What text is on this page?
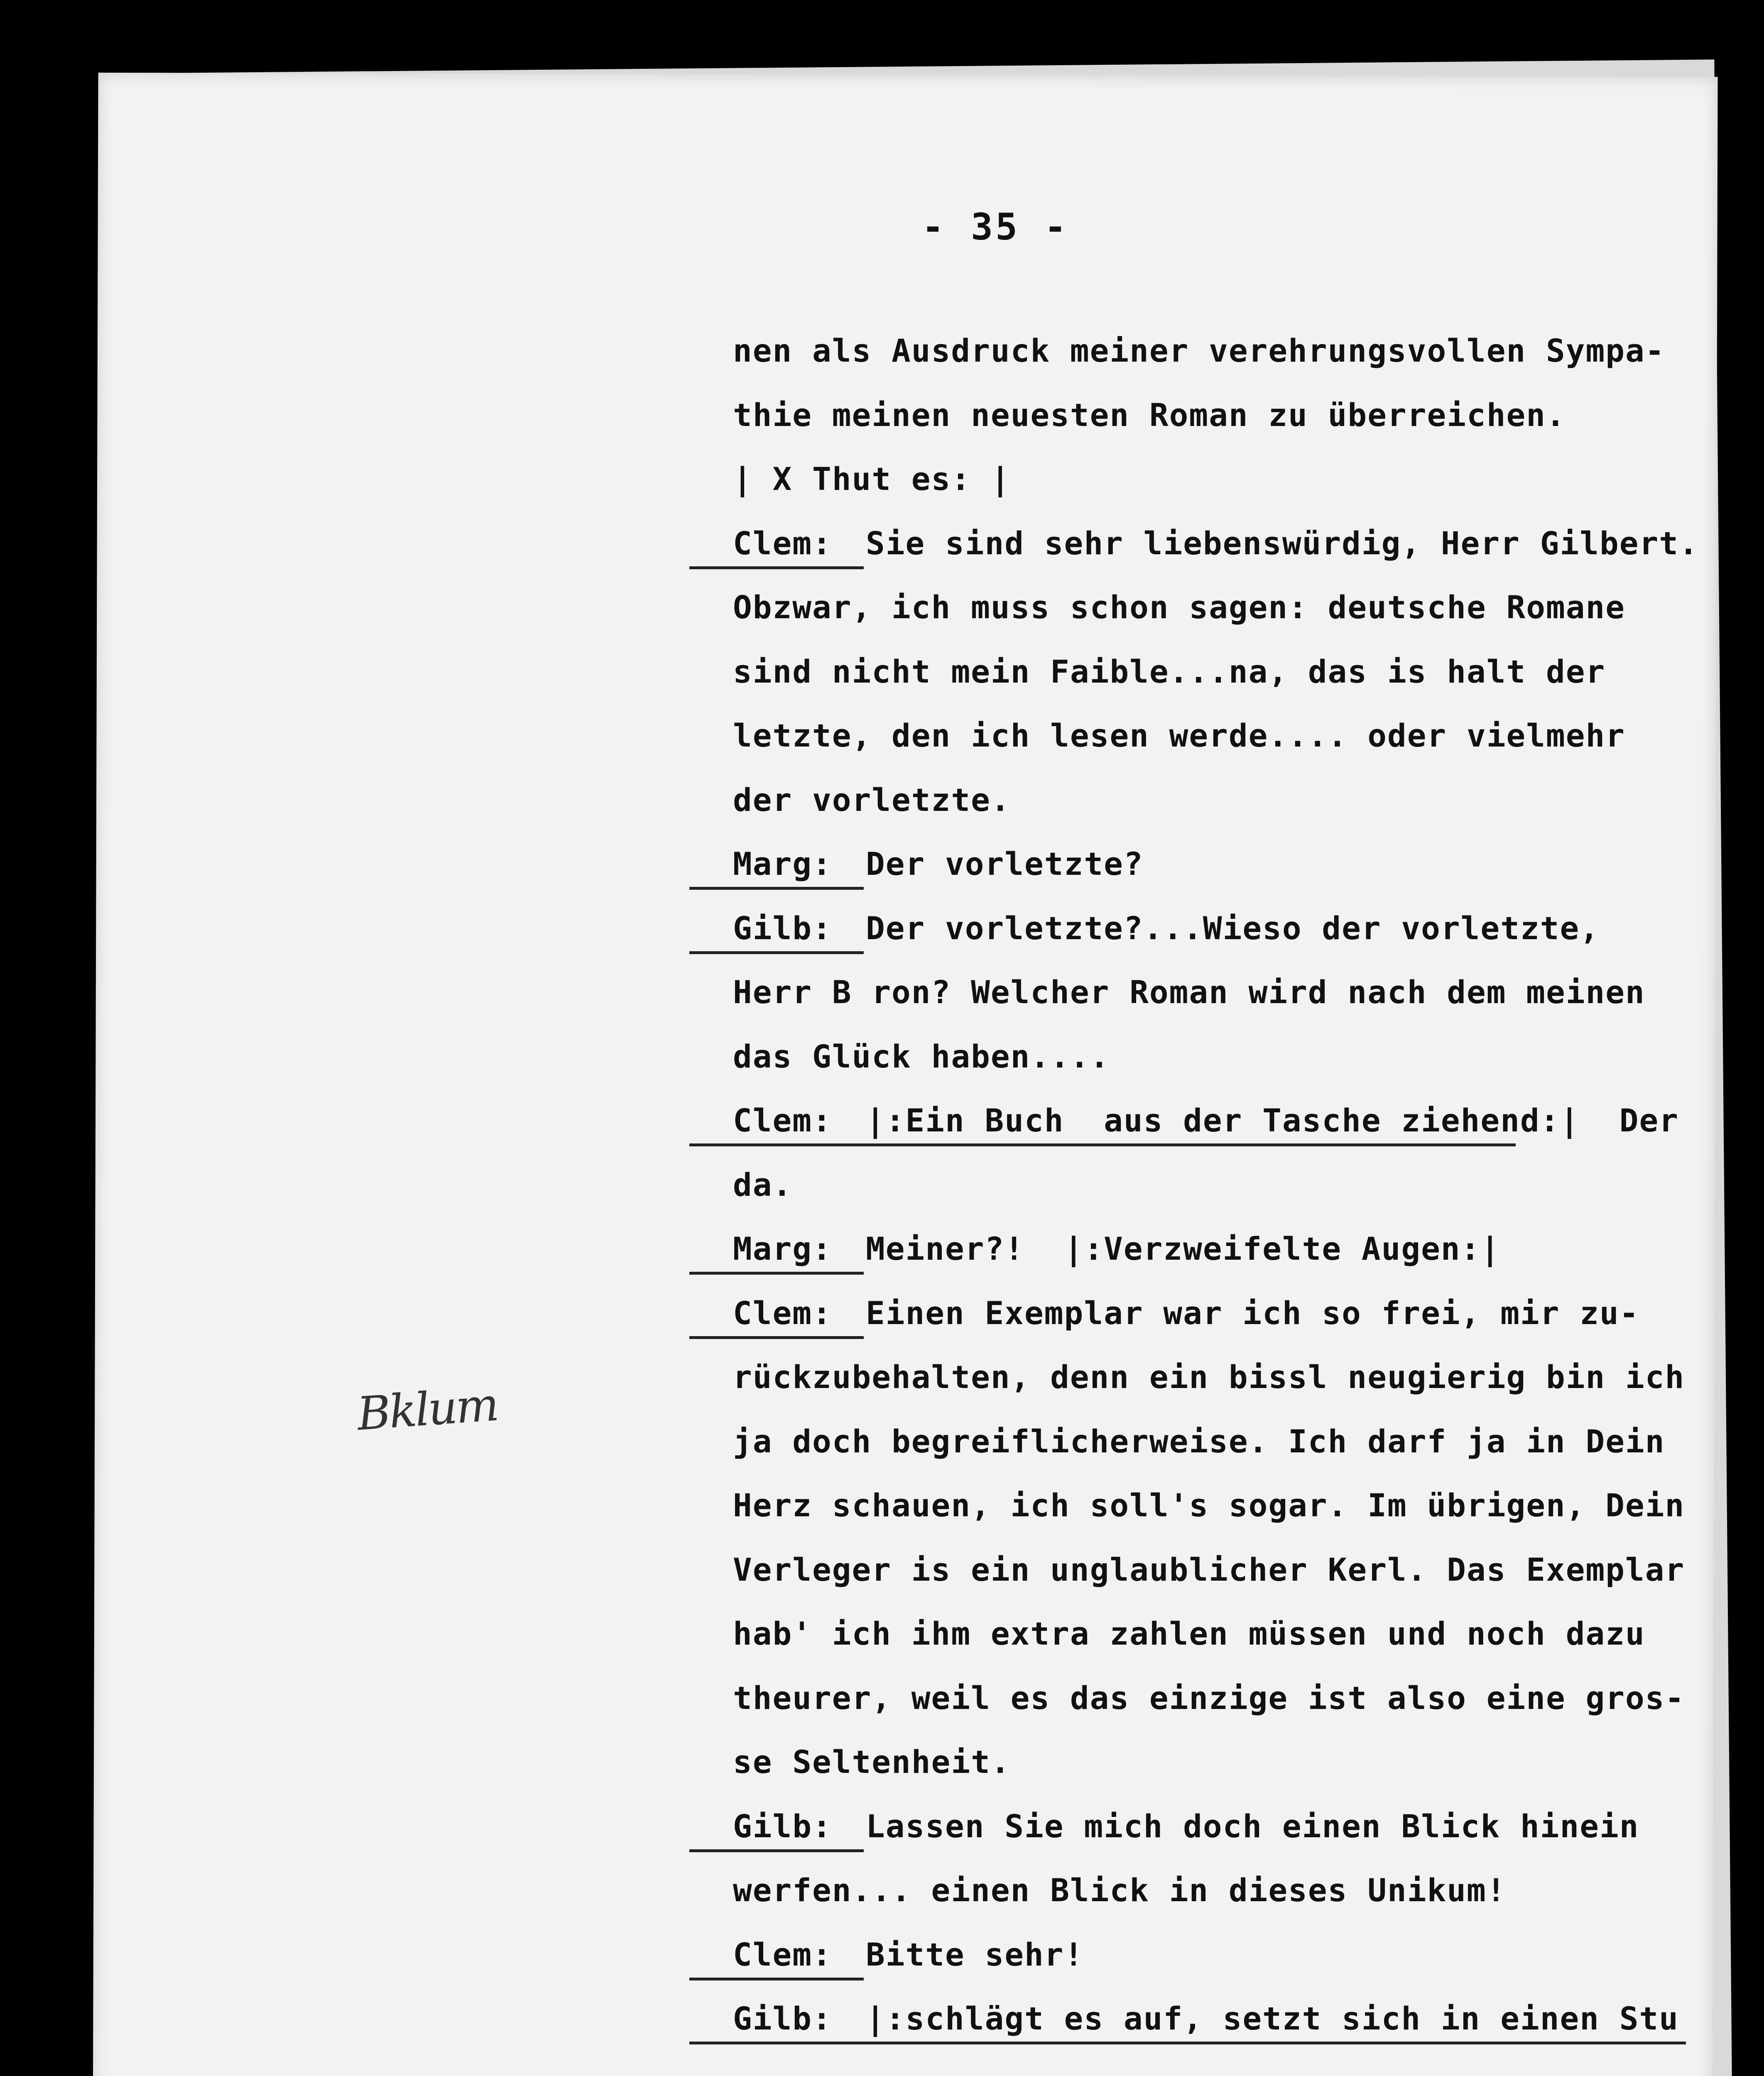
- 35 -
nen als Ausdruck meiner verehrungsvollen Sympa-
thie meinen neuesten Roman zu überreichen.
| X Thut es: |
Clem: Sie sind sehr liebenswürdig, Herr Gilbert.
Obzwar, ich muss schon sagen: deutsche Romane
sind nicht mein Faible...na, das is halt der
letzte, den ich lesen werde.... oder vielmehr
der vorletzte.
Marg: Der vorletzte?
Gilb: Der vorletzte?...Wieso der vorletzte,
Herr B ron? Welcher Roman wird nach dem meinen
das Glück haben....
Clem: |:Ein Buch  aus der Tasche ziehend:|  Der
da.
Marg: Meiner?!  |:Verzweifelte Augen:|
Clem: Einen Exemplar war ich so frei, mir zu-
rückzubehalten, denn ein bissl neugierig bin ich
ja doch begreiflicherweise. Ich darf ja in Dein
Herz schauen, ich soll's sogar. Im übrigen, Dein
Verleger is ein unglaublicher Kerl. Das Exemplar
hab' ich ihm extra zahlen müssen und noch dazu
theurer, weil es das einzige ist also eine gros-
se Seltenheit.
Gilb: Lassen Sie mich doch einen Blick hinein
werfen... einen Blick in dieses Unikum!
Clem: Bitte sehr!
Gilb: |:schlägt es auf, setzt sich in einen Stu
Bklum
